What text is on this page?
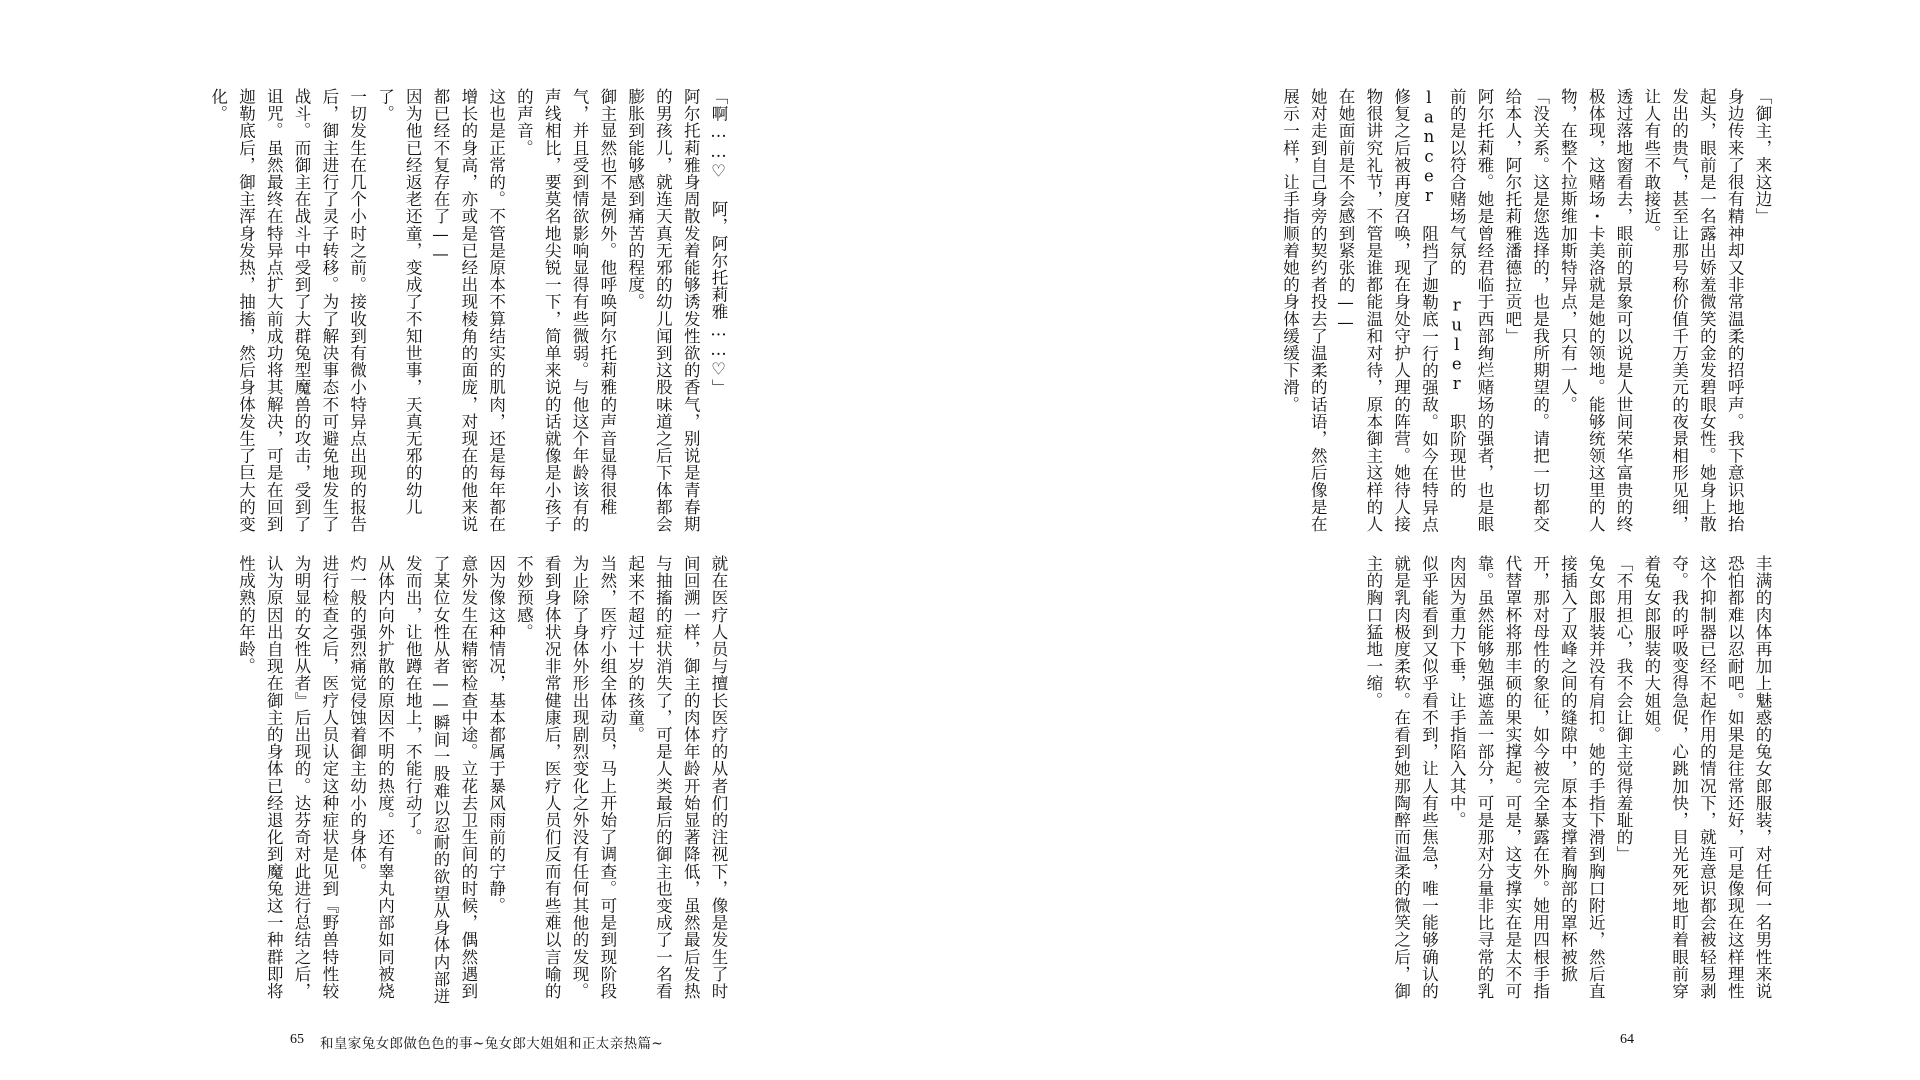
「啊……♡ 阿，阿尔托莉雅……♡」

阿尔托莉雅身周散发着能够诱发性欲的香气，别说是青春期的男孩儿，就连天真无邪的幼儿闻到这股味道之后下体都会膨胀到能够感到痛苦的程度。

御主显然也不是例外。他呼唤阿尔托莉雅的声音显得很稚气，并且受到情欲影响显得有些微弱。与他这个年龄该有的声线相比，要莫名地尖锐一下，简单来说的话就像是小孩子的声音。

这也是正常的。不管是原本不算结实的肌肉，还是每年都在增长的身高，亦或是已经出现棱角的面庞，对现在的他来说都已经不复存在了——

因为他已经返老还童，变成了不知世事，天真无邪的幼儿了。

一切发生在几个小时之前。接收到有微小特异点出现的报告后，御主进行了灵子转移。为了解决事态不可避免地发生了战斗。而御主在战斗中受到了大群兔型魔兽的攻击，受到了诅咒。虽然最终在特异点扩大前成功将其解决，可是在回到迦勒底后，御主浑身发热，抽搐，然后身体发生了巨大的变化。

就在医疗人员与擅长医疗的从者们的注视下，像是发生了时间回溯一样，御主的肉体年龄开始显著降低，虽然最后发热与抽搐的症状消失了，可是人类最后的御主也变成了一名看起来不超过十岁的孩童。

当然，医疗小组全体动员，马上开始了调查。可是到现阶段为止除了身体外形出现剧烈变化之外没有任何其他的发现。看到身体状况非常健康后，医疗人员们反而有些难以言喻的不妙预感。

因为像这种情况，基本都属于暴风雨前的宁静。

意外发生在精密检查中途。立花去卫生间的时候，偶然遇到了某位女性从者——瞬间一股难以忍耐的欲望从身体内部迸发而出，让他蹲在地上，不能行动了。

从体内向外扩散的原因不明的热度。还有睾丸内部如同被烧灼一般的强烈痛觉侵蚀着御主幼小的身体。

进行检查之后，医疗人员认定这种症状是见到『野兽特性较为明显的女性从者』后出现的。达芬奇对此进行总结之后，认为原因出自现在御主的身体已经退化到魔兔这一种群即将性成熟的年龄。

65 和皇家兔女郎做色色的事~兔女郎大姐姐和正太亲热篇~

「御主，来这边」

身边传来了很有精神却又非常温柔的招呼声。我下意识地抬起头，眼前是一名露出娇羞微笑的金发碧眼女性。她身上散发出的贵气，甚至让那号称价值千万美元的夜景相形见细，让人有些不敢接近。

透过落地窗看去，眼前的景象可以说是人世间荣华富贵的终极体现，这赌场・卡美洛就是她的领地。能够统领这里的人物，在整个拉斯维加斯特异点，只有一人。

「没关系。这是您选择的，也是我所期望的。请把一切都交给本人，阿尔托莉雅潘德拉贡吧」

阿尔托莉雅。她是曾经君临于西部绚烂赌场的强者，也是眼前的是以符合赌场气氛的 ruler 职阶现世的 lancer 阻挡了迦勒底一行的强敌。如今在特异点修复之后被再度召唤，现在身处守护人理的阵营。她待人接物很讲究礼节，不管是谁都能温和对待，原本御主这样的人在她面前是不会感到紧张的——

她对走到自己身旁的契约者投去了温柔的话语，然后像是在展示一样，让手指顺着她的身体缓缓下滑。

丰满的肉体再加上魅惑的兔女郎服装，对任何一名男性来说恐怕都难以忍耐吧。如果是往常还好，可是像现在这样理性这个抑制器已经不起作用的情况下，就连意识都会被轻易剥夺。我的呼吸变得急促，心跳加快，目光死死地盯着眼前穿着兔女郎服装的大姐姐。

「不用担心，我不会让御主觉得羞耻的」

兔女郎服装并没有肩扣。她的手指下滑到胸口附近，然后直接插入了双峰之间的缝隙中，原本支撑着胸部的罩杯被掀开，那对母性的象征，如今被完全暴露在外。她用四根手指代替罩杯将那丰硕的果实撑起。可是，这支撑实在是太不可靠。虽然能够勉强遮盖一部分，可是那对分量非比寻常的乳肉因为重力下垂，让手指陷入其中。

似乎能看到又似乎看不到，让人有些焦急，唯一能够确认的就是乳肉极度柔软。在看到她那陶醉而温柔的微笑之后，御主的胸口猛地一缩。

64
